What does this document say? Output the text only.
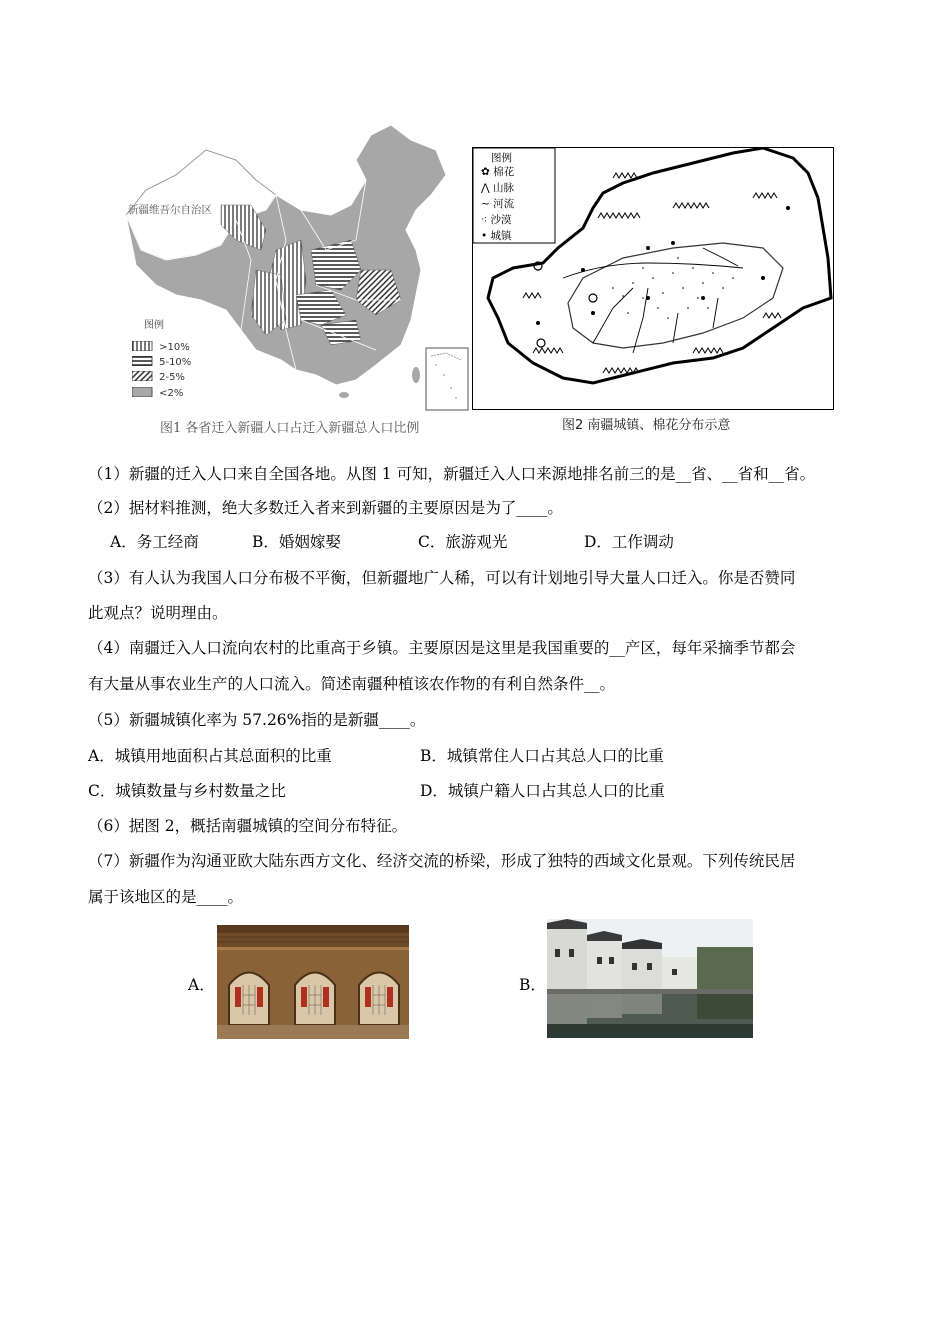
新疆维吾尔自治区
图例
>10%
5-10%
2-5%
<2%
图1 各省迁入新疆人口占迁入新疆总人口比例
图例
✿ 棉花
⋀ 山脉
~ 河流
⁖ 沙漠
• 城镇
图2 南疆城镇、棉花分布示意
（1）新疆的迁入人口来自全国各地。从图 1 可知，新疆迁入人口来源地排名前三的是__省、__省和__省。
（2）据材料推测，绝大多数迁入者来到新疆的主要原因是为了____。
A．务工经商	B．婚姻嫁娶	C．旅游观光	D．工作调动
（3）有人认为我国人口分布极不平衡，但新疆地广人稀，可以有计划地引导大量人口迁入。你是否赞同
此观点？说明理由。
（4）南疆迁入人口流向农村的比重高于乡镇。主要原因是这里是我国重要的__产区，每年采摘季节都会
有大量从事农业生产的人口流入。简述南疆种植该农作物的有利自然条件__。
（5）新疆城镇化率为 57.26%指的是新疆____。
A．城镇用地面积占其总面积的比重	B．城镇常住人口占其总人口的比重
C．城镇数量与乡村数量之比	D．城镇户籍人口占其总人口的比重
（6）据图 2，概括南疆城镇的空间分布特征。
（7）新疆作为沟通亚欧大陆东西方文化、经济交流的桥梁，形成了独特的西域文化景观。下列传统民居
属于该地区的是____。
A．	B．
